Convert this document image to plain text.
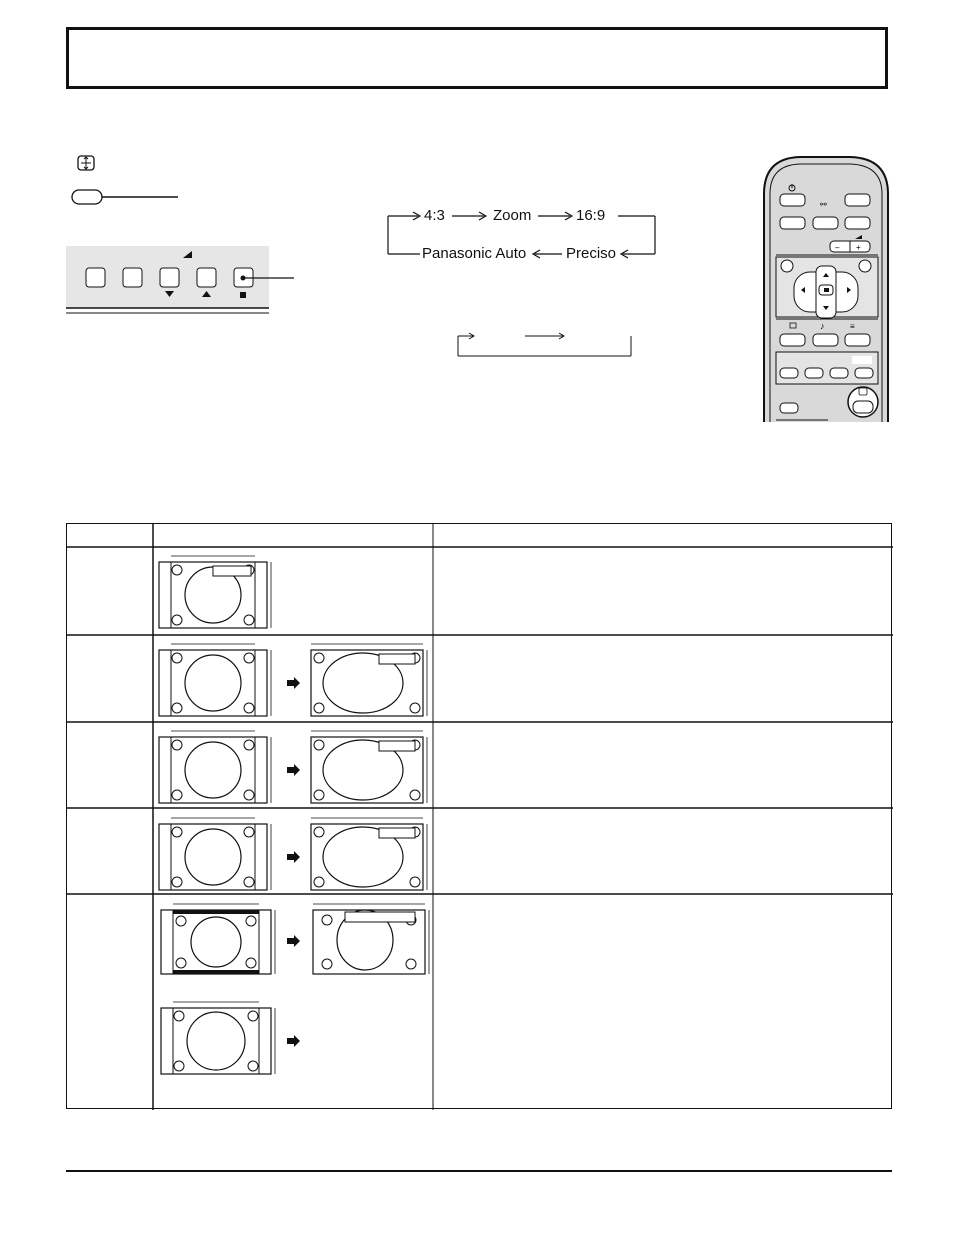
4:3	Zoom	16:9
Panasonic Auto	Preciso
⚯
– +
♪	≡
